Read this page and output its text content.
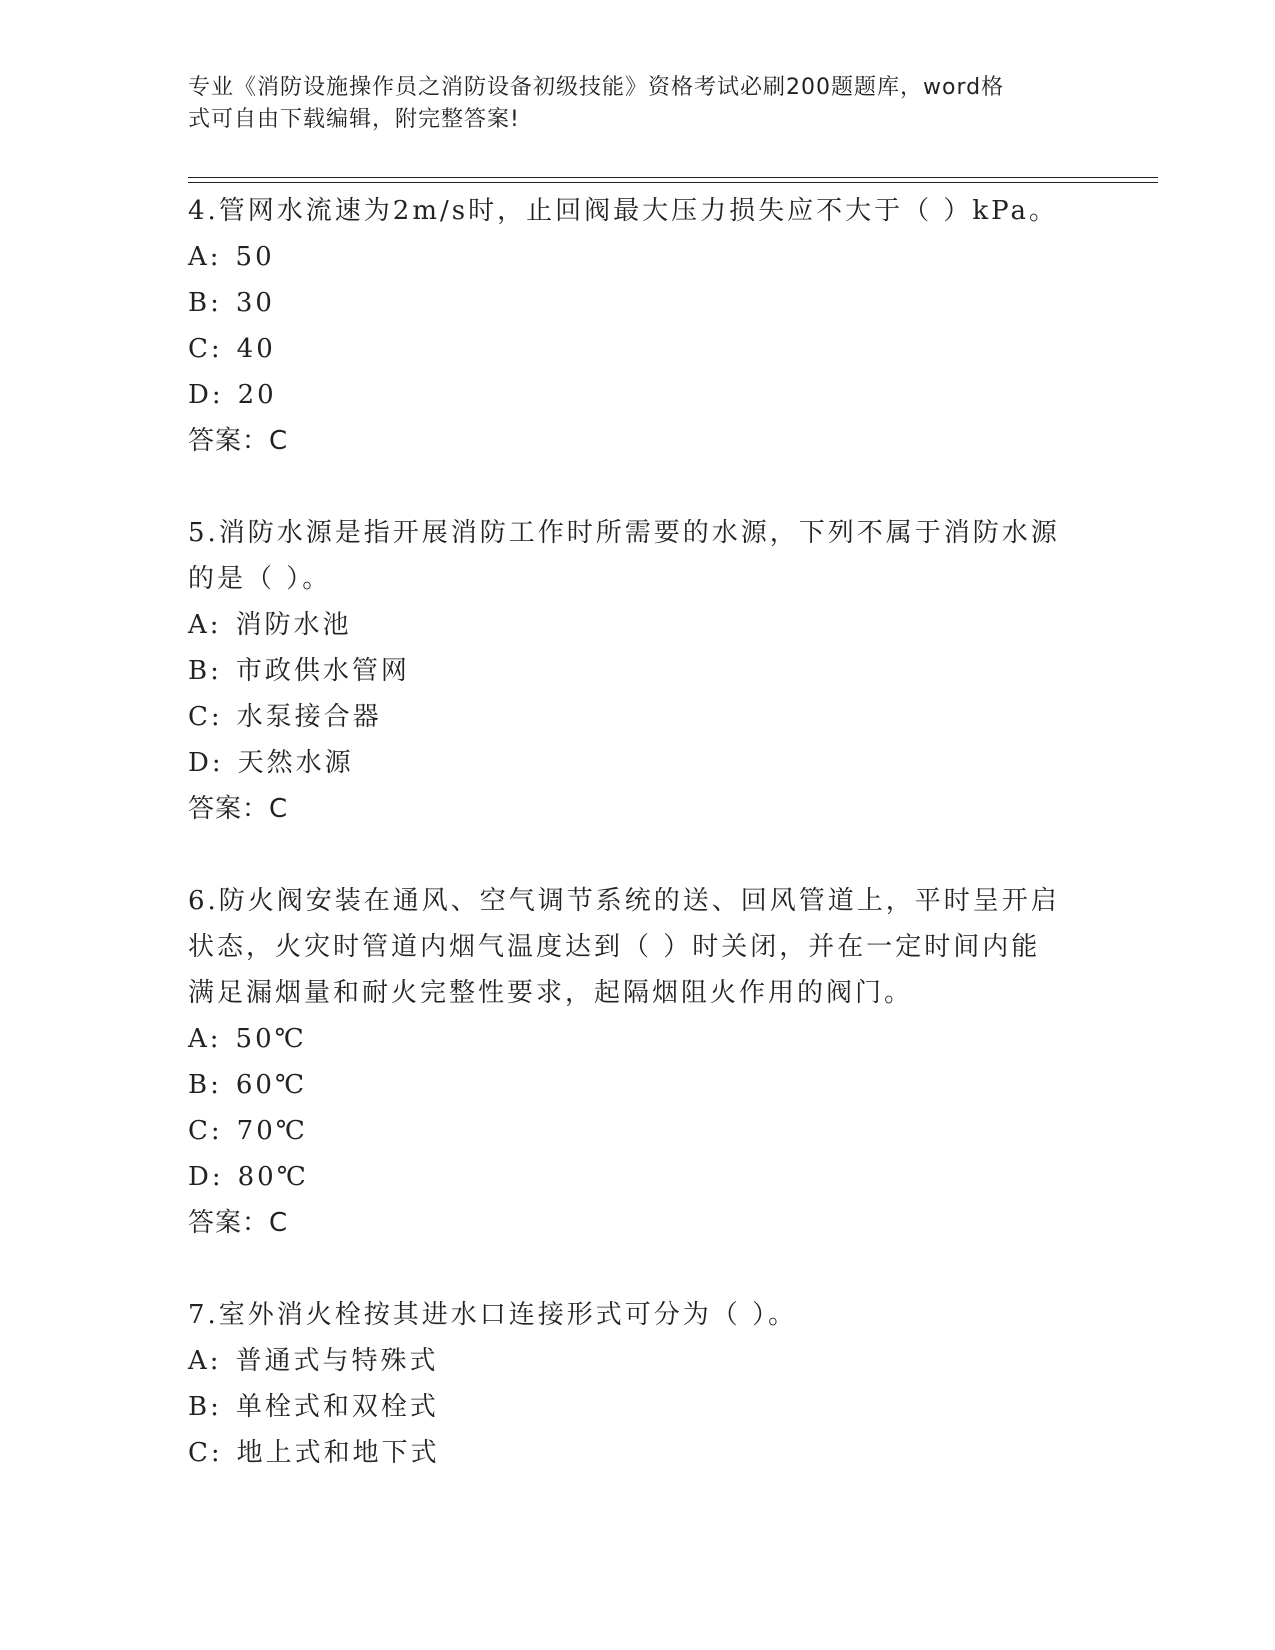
专业《消防设施操作员之消防设备初级技能》资格考试必刷200题题库，word格
式可自由下载编辑，附完整答案!
4.管网水流速为2m/s时，止回阀最大压力损失应不大于（ ）kPa。
A: 50
B: 30
C: 40
D: 20
答案：C
5.消防水源是指开展消防工作时所需要的水源，下列不属于消防水源
的是（ ）。
A: 消防水池
B: 市政供水管网
C: 水泵接合器
D: 天然水源
答案：C
6.防火阀安装在通风、空气调节系统的送、回风管道上，平时呈开启
状态，火灾时管道内烟气温度达到（ ）时关闭，并在一定时间内能
满足漏烟量和耐火完整性要求，起隔烟阻火作用的阀门。
A: 50℃
B: 60℃
C: 70℃
D: 80℃
答案：C
7.室外消火栓按其进水口连接形式可分为（ ）。
A: 普通式与特殊式
B: 单栓式和双栓式
C: 地上式和地下式
